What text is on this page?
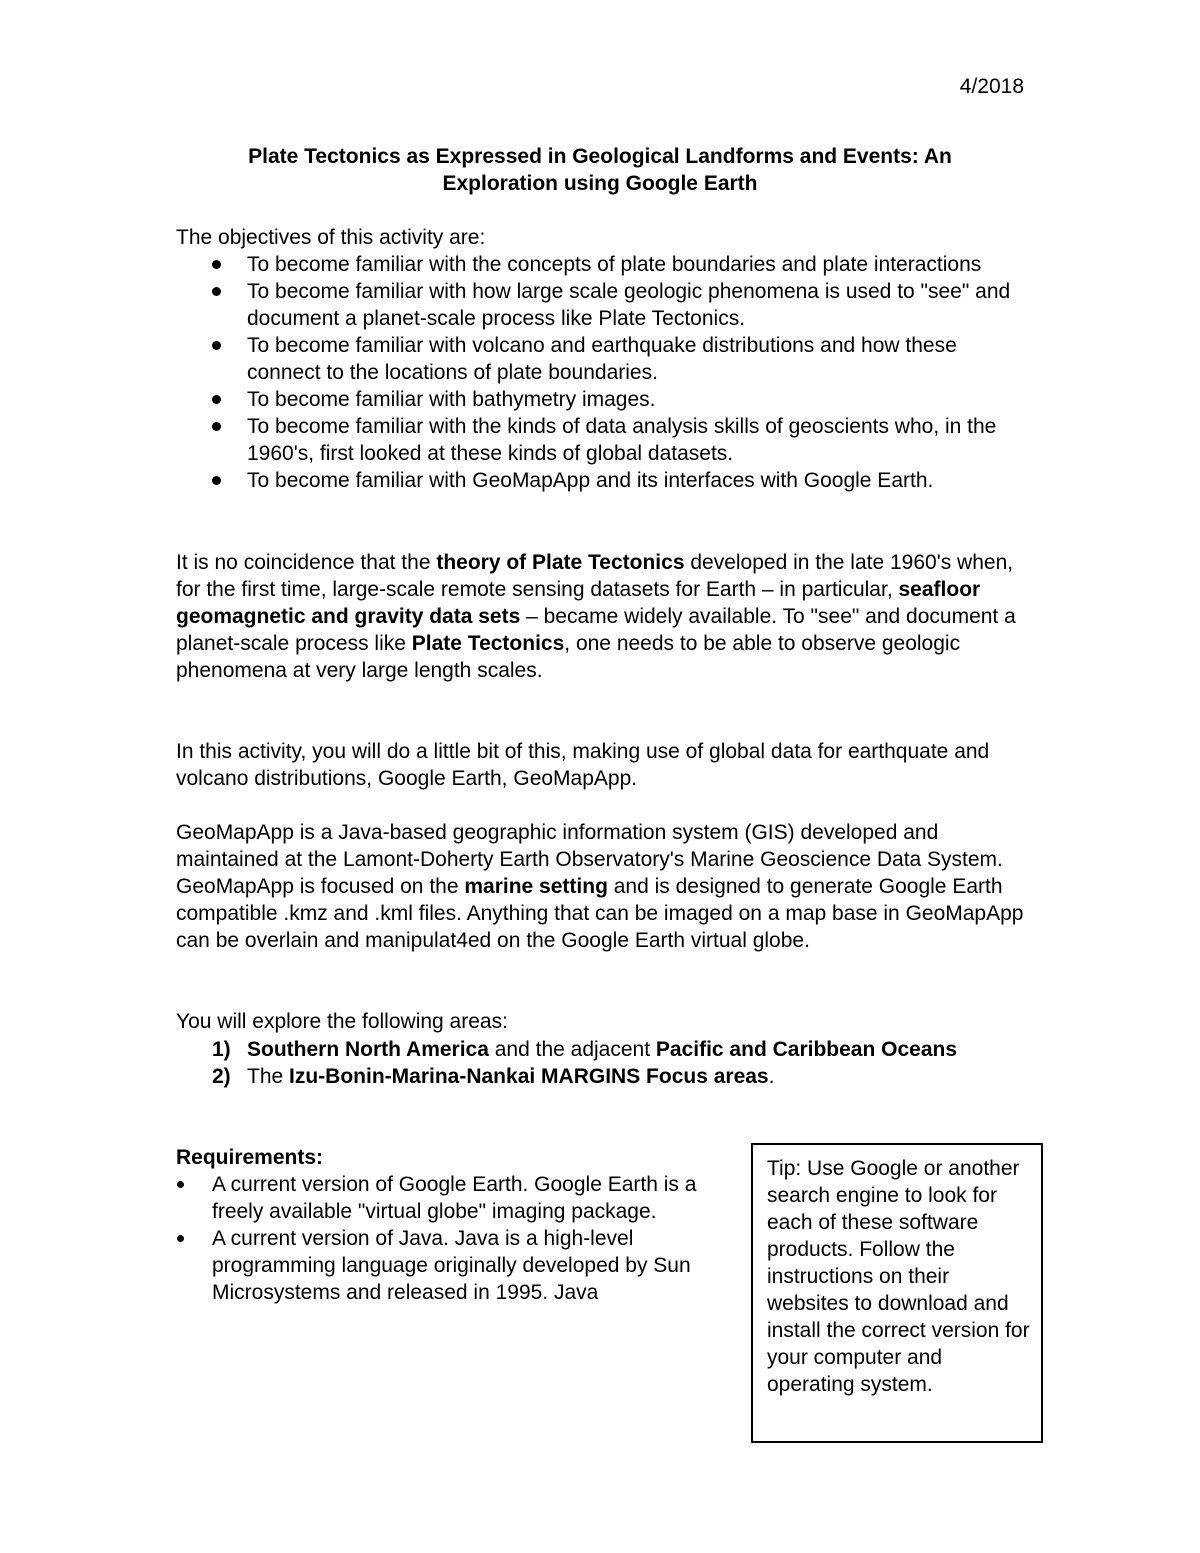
4/2018
Plate Tectonics as Expressed in Geological Landforms and Events: An
Exploration using Google Earth
The objectives of this activity are:
To become familiar with the concepts of plate boundaries and plate interactions
To become familiar with how large scale geologic phenomena is used to "see" and document a planet-scale process like Plate Tectonics.
To become familiar with volcano and earthquake distributions and how these connect to the locations of plate boundaries.
To become familiar with bathymetry images.
To become familiar with the kinds of data analysis skills of geoscients who, in the 1960's, first looked at these kinds of global datasets.
To become familiar with GeoMapApp and its interfaces with Google Earth.
It is no coincidence that the theory of Plate Tectonics developed in the late 1960's when, for the first time, large-scale remote sensing datasets for Earth – in particular, seafloor geomagnetic and gravity data sets – became widely available. To "see" and document a planet-scale process like Plate Tectonics, one needs to be able to observe geologic phenomena at very large length scales.
In this activity, you will do a little bit of this, making use of global data for earthquate and volcano distributions, Google Earth, GeoMapApp.
GeoMapApp is a Java-based geographic information system (GIS) developed and maintained at the Lamont-Doherty Earth Observatory's Marine Geoscience Data System. GeoMapApp is focused on the marine setting and is designed to generate Google Earth compatible .kmz and .kml files. Anything that can be imaged on a map base in GeoMapApp can be overlain and manipulat4ed on the Google Earth virtual globe.
You will explore the following areas:
1) Southern North America and the adjacent Pacific and Caribbean Oceans
2) The Izu-Bonin-Marina-Nankai MARGINS Focus areas.
Requirements:
A current version of Google Earth. Google Earth is a freely available "virtual globe" imaging package.
A current version of Java. Java is a high-level programming language originally developed by Sun Microsystems and released in 1995. Java
Tip: Use Google or another search engine to look for each of these software products. Follow the instructions on their websites to download and install the correct version for your computer and operating system.
